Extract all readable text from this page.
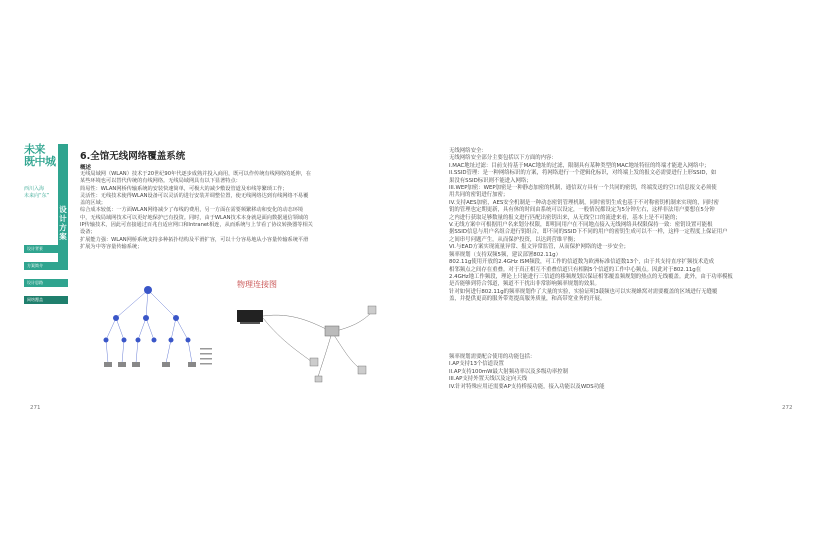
未来
既中城
西川入海
未来向“东”
设计方案
设计背景
方案简介
设计思路
网络覆盖
6.全馆无线网络覆盖系统
概述
无线局域网（WLAN）技术于20世纪90年代逐步成熟并投入商用，既可以作传统有线网络的延伸，在
某些环境也可以替代传统的有线网络。无线局域网具有以下显著特点：
简易性：WLAN网桥传输系统的安装快速简单，可极大的减少敷设管道及布线等繁琐工作；
灵活性：无线技术使得WLAN设备可以灵活的进行安装并调整位置，使无线网络达到有线网络不易覆
盖的区域；
综合成本较低：一方面WLAN网络减少了布线的费用，另一方面在需要频繁移动和变化的动态环境
中，无线局域网技术可以更好地保护已有投资。同时，由于WLAN技术本身就是面向数据通信领域的
IP传输技术，因此可直接通过百兆自适应网口和Intranet相连，从而系统与上节看了协议转换器等相关
设备；
扩展能力强：WLAN网桥系统支持多种拓扑结构及平滑扩容，可以十分容易地从小容量传输系统平滑
扩展为中等容量传输系统；
物理连接图
271
无线网络安全：
无线网络安全部分主要包括以下方面的内容：
I.MAC地址过滤：目前支持基于MAC地址的过滤，限制具有某种类型的MAC地址特征的终端才能进入网络中；
II.SSID管理：是一种网络标识的方案，将网络进行一个逻辑化标识，对终端上发的报文必需要进行上形SSID，如
果没有SSID标识则不能进入网络；
III.WEP加密：WEP加密是一种静态加密的机制，通信双方具有一个共同的密钥，终端发送的空口信息报文必须使
用共同的密钥进行加密；
IV.支持AES加密，AES安全机制是一种动态密钥管理机制，同时密钥生成也基于不对称密钥机制来实现的，同时密
钥的管理也定期更新，具有休的时间由系统可以设定，一般情况都设定为5分钟左右，这样非法用户要想在5分钟
之内进行获取足够数量的报文进行匹配出密钥出来，从无线空口的流进来看，基本上是不可能的；
V.无线方案中可根据用户名来划分权限，即明同用户在不同地点接入无线网络具权限保持一致：密钥设置可能根
据SSID信息与用户名组合进行钥组合，即不同的SSID下不同的用户的密钥生成可以不一样，这样一定程度上保证用户
之间串号问题产生，从而保护投资，以达到营维平衡；
VI.与EAD方案实现流量异常、报文异常监管，从而保护网络的进一步安全；
频率规划（支持双频5频，建议部署802.11g）
802.11g使用开放的2.4GHz ISM频段，可工作的信道数为欧洲标准信道数13个，由于其支持直序扩频技术造成
相邻频点之间存在重叠。对于真正相互不重叠信道只有相隔5个信道的工作中心频点。因此对于802.11g在
2.4GHz地工作频段，理论上只能进行三信道的移频规划以保证相邻覆盖频规划的热点的无线覆盖。此外，由于功率模板
是否能够到符合邻道，频道不干扰出非常影响频率规划的效果。
针对如何进行802.11g的频率规划作了大量的实验，实验证明3载频也可以实现蜂窝对需要覆盖的区域进行无缝覆
盖，并提供更高的服务带宽提高服务质量，和高带宽业务的开展。
频率规划需要配合使用的功能包括：
I.AP支持13个信道设置
II.AP支持100mW最大射频功率以及多级功率控制
III.AP支持外置天线以及定向天线
IV.针对特殊应用还需要AP支持桥接功能，接入功能以及WDS功能
272
